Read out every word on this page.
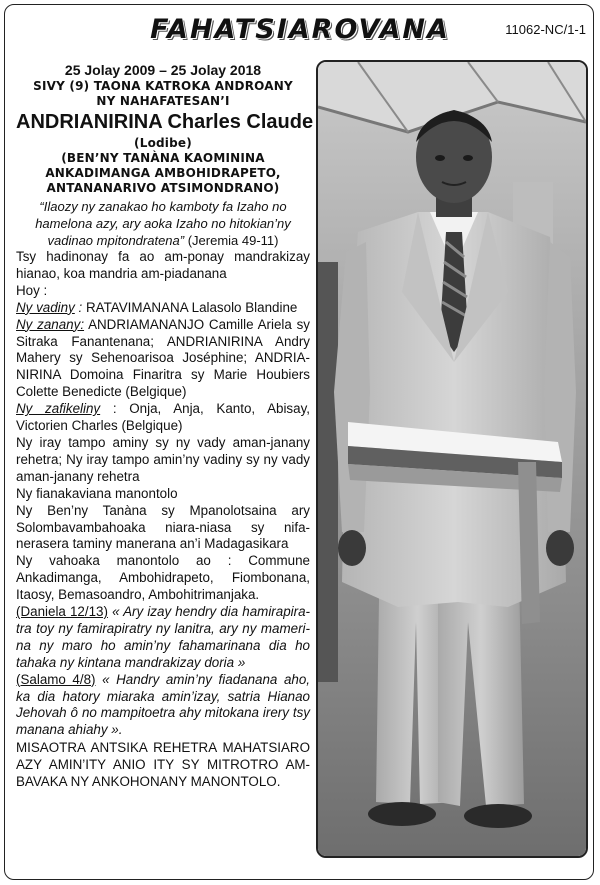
FAHATSIAROVANA	11062-NC/1-1
25 Jolay 2009 – 25 Jolay 2018
SIVY (9) TAONA KATROKA ANDROANY
NY NAHAFATESAN’I
ANDRIANIRINA Charles Claude
(Lodibe)
(BEN’NY TANÀNA KAOMININA
ANKADIMANGA AMBOHIDRAPETO,
ANTANANARIVO ATSIMONDRANO)
“Ilaozy ny zanakao ho kamboty fa Izaho no hamelona azy, ary aoka Izaho no hitokian’ny vadinao mpitondratena” (Jeremia 49-11)

Tsy hadinonay fa ao am-ponay mandrakizay hianao, koa mandria am-piadanana

Hoy :

Ny vadiny : RATAVIMANANA Lalasolo Blandine

Ny zanany: ANDRIAMANANJO Camille Ariela sy Sitraka Fanantenana; ANDRIANIRINA Andry Mahery sy Sehenoarisoa Joséphine; ANDRIA-NIRINA Domoina Finaritra sy Marie Houbiers Colette Benedicte (Belgique)

Ny zafikeliny : Onja, Anja, Kanto, Abisay, Victorien Charles (Belgique)

Ny iray tampo aminy sy ny vady aman-janany rehetra; Ny iray tampo amin’ny vadiny sy ny vady aman-janany rehetra

Ny fianakaviana manontolo

Ny Ben’ny Tanàna sy Mpanolotsaina ary Solombavambahoaka niara-niasa sy nifa-nerasera taminy manerana an’i Madagasikara

Ny vahoaka manontolo ao : Commune Ankadimanga, Ambohidrapeto, Fiombonana, Itaosy, Bemasoandro, Ambohitrimanjaka.

(Daniela 12/13) « Ary izay hendry dia hamirapira-tra toy ny famirapiratry ny lanitra, ary ny mameri-na ny maro ho amin’ny fahamarinana dia ho tahaka ny kintana mandrakizay doria »

(Salamo 4/8) « Handry amin’ny fiadanana aho, ka dia hatory miaraka amin’izay, satria Hianao Jehovah ô no mampitoetra ahy mitokana irery tsy manana ahiahy ».

MISAOTRA ANTSIKA REHETRA MAHATSIARO AZY AMIN’ITY ANIO ITY SY MITROTRO AM-BAVAKA NY ANKOHONANY MANONTOLO.
